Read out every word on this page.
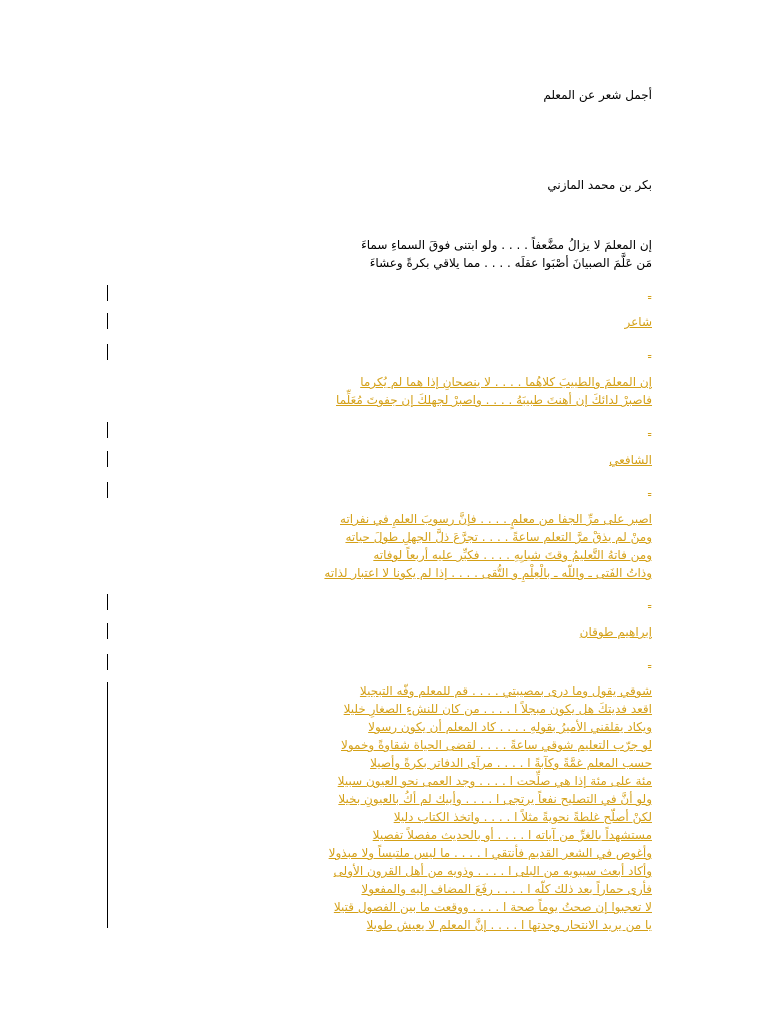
أجمل شعر عن المعلم
بكر بن محمد المازني
إن المعلمَ لا يزالُ مضَّعفاً . . . . ولو ابتنى فوقَ السماءِ سماءَ
مَن عَلَّمَ الصبيانَ أصْبَوا عقلَه . . . . مما يلاقي بكرةً وعشاءَ
ـ
شاعر
ـ
إن المعلمَ والطبيبَ كلاهُما . . . . لا ينصحانِ إذا هما لم يُكرما
فاصبرْ لدائكَ إن أهنتَ طبيبَهُ . . . . واصبرْ لجهلكَ إن جفوتَ مُعَلِّما
ـ
الشافعي
ـ
اصبر على مرِّ الجفا من معلمٍ . . . . فإنَّ رسوبَ العلمِ في نفراته
ومنْ لم يذقْ مرَّ التعلم ساعةً . . . . تجرَّعَ ذلَّ الجهلِ طولَ حياته
ومن فاتهُ التَّعليمُ وقتَ شبابِهِ . . . . فكبِّر عليه أربعاً لوفاته
وذاتُ الفَتى ـ واللّه ـ بالْعِلْمِ و التُّقى . . . . إذا لم يكونا لا اعتبار لذاته
ـ
إبراهيم طوقان
ـ
شوقي يقول وما درى بمصيبتي . . . . قم للمعلم وفّه التبجيلا
اقعد فديتكَ هل يكون مبجلاً ا . . . . من كان للنشءِ الصغارِ خليلا
ويكاد يقلقني الأميرُ بقولهِ . . . . كاد المعلم أن يكون رسولا
لو جرّب التعليم شوقي ساعةً . . . . لقضى الحياة شقاوةً وخمولا
حسب المعلم غمَّةً وكآبةً ا . . . . مرآى الدفاتر بكرةً وأصيلا
مئة على مئة إذا هي صلِّحت ا . . . . وجد العمى نحو العيون سبيلا
ولو أنَّ في التصليح نفعاً يرتجى ا . . . . وأبيك لم أكُ بالعيونِ بخيلا
لكنْ أصلّح غلطةً نحويةً مثلاً ا . . . . واتخذ الكتاب دليلا
مستشهداً بالغرِّ من آياته ا . . . . أو بالحديث مفصلاً تفصيلا
وأغوص في الشعر القديم فأنتقي ا . . . . ما ليس ملتبساً ولا مبذولا
وأكاد أبعث سيبويه من البلى ا . . . . وذويه من أهل القرون الأولى
فأرى حماراً بعد ذلك كلّه ا . . . . رفَعَ المضاف إليه والمفعولا
لا تعجبوا إن صحتُ يوماً صحة ا . . . . ووقعت ما بين الفصول قتيلا
يا من يريد الانتحار وجدتها ا . . . . إنَّ المعلم لا يعيش طويلا
